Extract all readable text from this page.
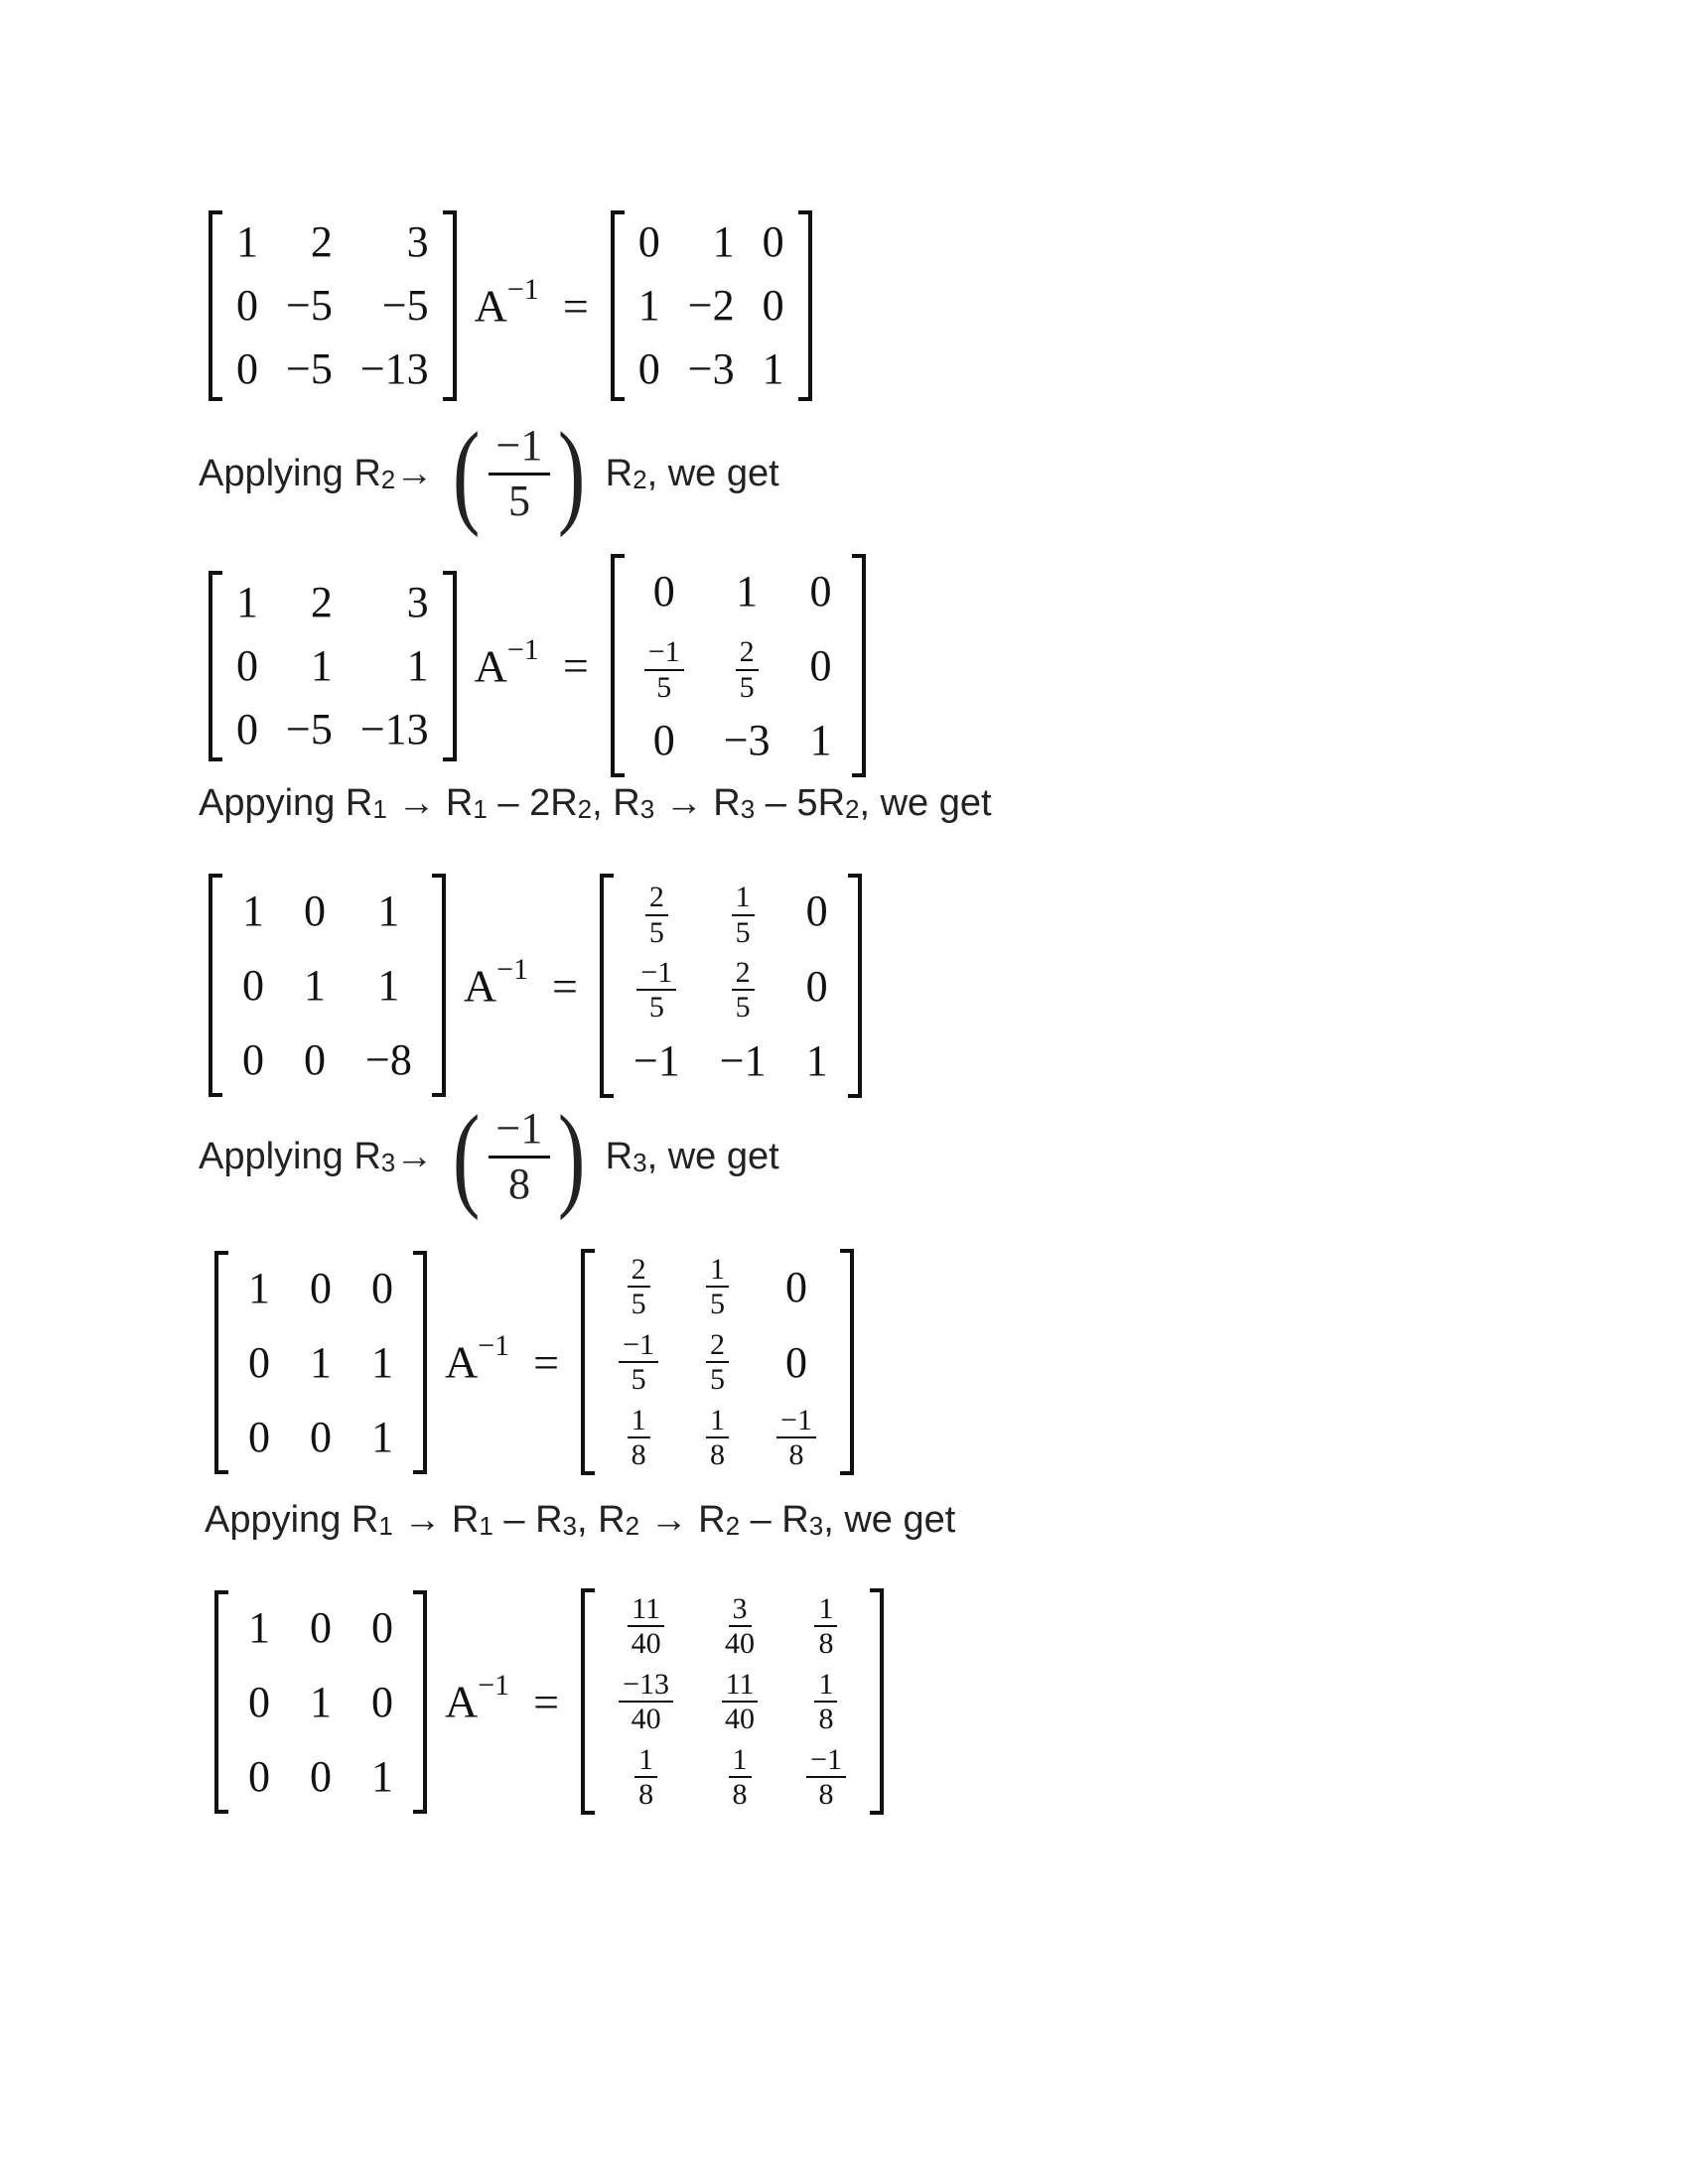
1	2	3
0	−5	−5
0	−5	−13
$A^{-1}$ =
0	1	0
1	−2	0
0	−3	1
Applying $R_2$ → ( $\frac{-1}{5}$ ) $R_2$ , we get
1	2	3
0	1	1
0	−5	−13
$A^{-1}$ =
0	1	0

$\frac{-1}{5}$	$\frac{2}{5}$	0
0	−3	1
Appying $R_1 \to R_1 - 2R_2$ , $R_3 \to R_3 - 5R_2$ , we get
1	0	1
0	1	1
0	0	−8
$A^{-1}$ =
$\frac{2}{5}$	$\frac{1}{5}$	0

$\frac{-1}{5}$	$\frac{2}{5}$	0
−1	−1	1
Applying $R_3$ → ( $\frac{-1}{8}$ ) $R_3$ , we get
1	0	0
0	1	1
0	0	1
$A^{-1}$ =
$\frac{2}{5}$	$\frac{1}{5}$	0

$\frac{-1}{5}$	$\frac{2}{5}$	0

$\frac{1}{8}$	$\frac{1}{8}$	$\frac{-1}{8}$
Appying $R_1 \to R_1 - R_3$ , $R_2 \to R_2 - R_3$ , we get
1	0	0
0	1	0
0	0	1
$A^{-1}$ =
$\frac{11}{40}$	$\frac{3}{40}$	$\frac{1}{8}$

$\frac{-13}{40}$	$\frac{11}{40}$	$\frac{1}{8}$

$\frac{1}{8}$	$\frac{1}{8}$	$\frac{-1}{8}$
